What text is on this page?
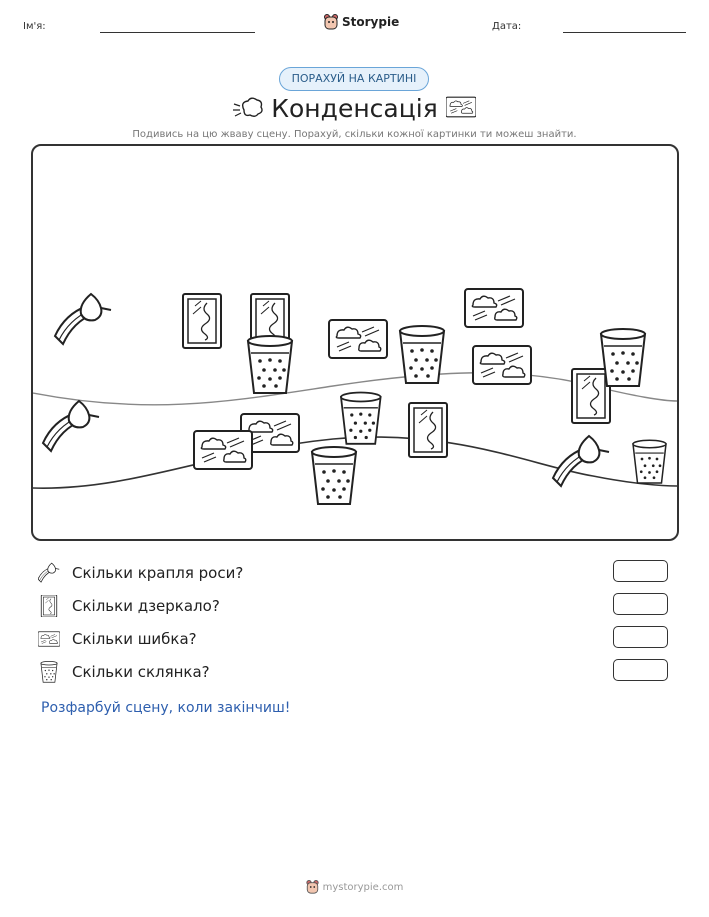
Ім'я:	Storypie	Дата:
ПОРАХУЙ НА КАРТИНІ
Конденсація
Подивись на цю жваву сцену. Порахуй, скільки кожної картинки ти можеш знайти.
Скільки крапля роси?
Скільки дзеркало?
Скільки шибка?
Скільки склянка?
Розфарбуй сцену, коли закінчиш!
mystorypie.com
